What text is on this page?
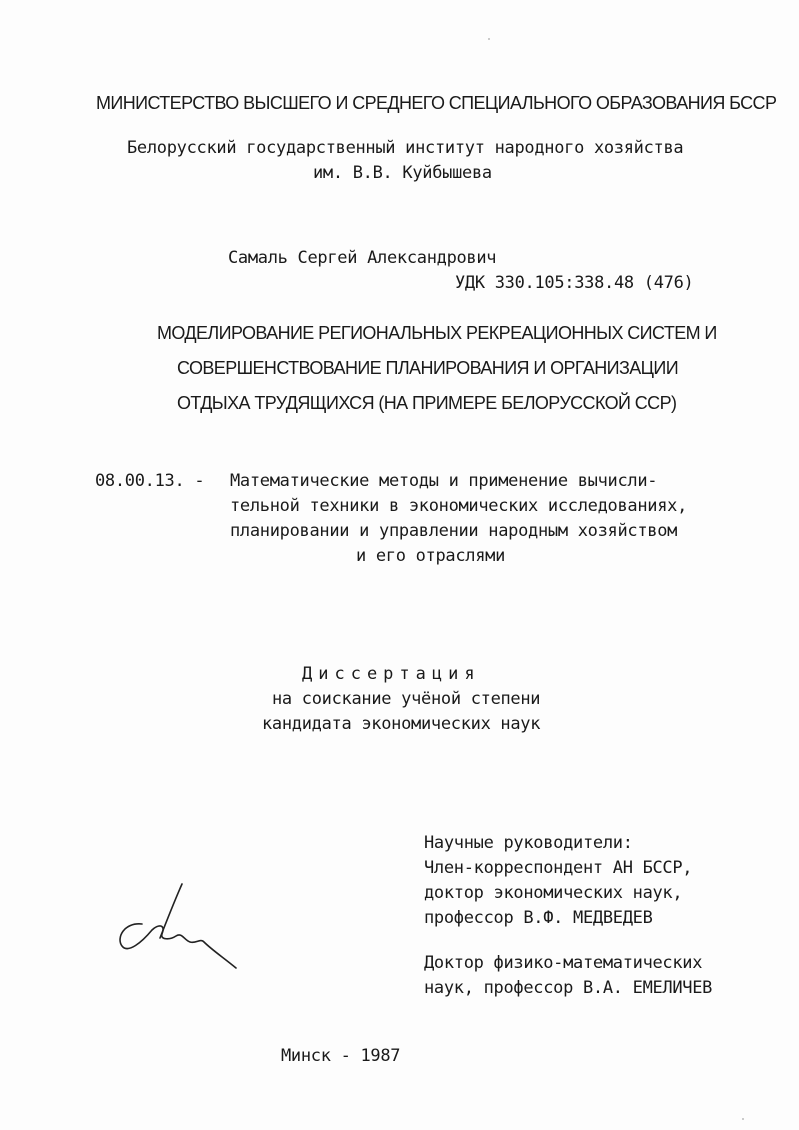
МИНИСТЕРСТВО ВЫСШЕГО И СРЕДНЕГО СПЕЦИАЛЬНОГО ОБРАЗОВАНИЯ БССР
Белорусский государственный институт народного хозяйства
им. В.В. Куйбышева
Самаль Сергей Александрович
УДК 330.105:338.48 (476)
МОДЕЛИРОВАНИЕ РЕГИОНАЛЬНЫХ РЕКРЕАЦИОННЫХ СИСТЕМ И
СОВЕРШЕНСТВОВАНИЕ ПЛАНИРОВАНИЯ И ОРГАНИЗАЦИИ
ОТДЫХА ТРУДЯЩИХСЯ (НА ПРИМЕРЕ БЕЛОРУССКОЙ ССР)
08.00.13. - Математические методы и применение вычисли-
тельной техники в экономических исследованиях,
планировании и управлении народным хозяйством
и его отраслями
Диссертация
на соискание учёной степени
кандидата экономических наук
Научные руководители:
Член-корреспондент АН БССР,
доктор экономических наук,
профессор В.Ф. МЕДВЕДЕВ
Доктор физико-математических
наук, профессор В.А. ЕМЕЛИЧЕВ
Минск - 1987
